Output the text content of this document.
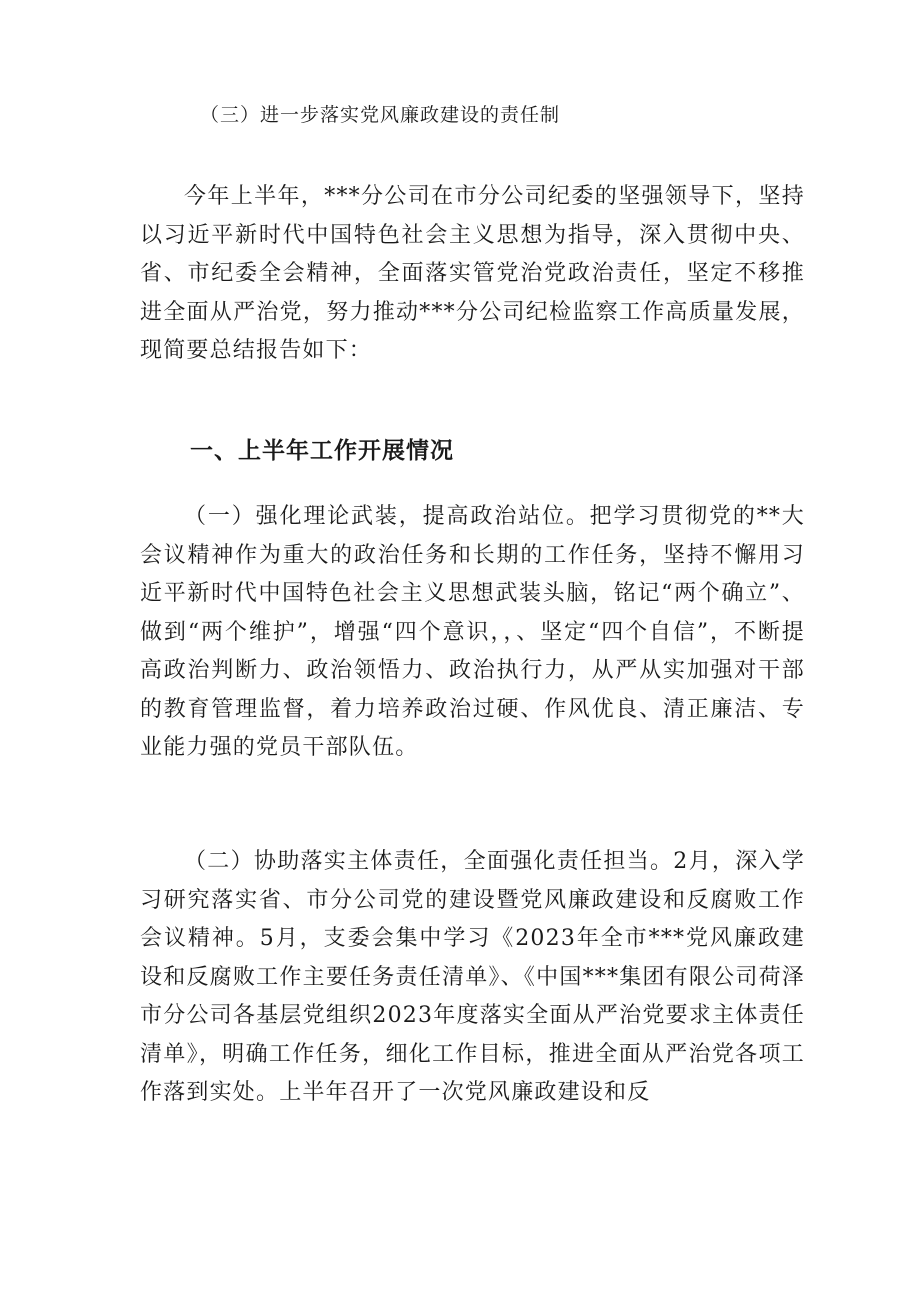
（三）进一步落实党风廉政建设的责任制

今年上半年，***分公司在市分公司纪委的坚强领导下，坚持以习近平新时代中国特色社会主义思想为指导，深入贯彻中央、省、市纪委全会精神，全面落实管党治党政治责任，坚定不移推进全面从严治党，努力推动***分公司纪检监察工作高质量发展，现简要总结报告如下：

一、上半年工作开展情况

（一）强化理论武装，提高政治站位。把学习贯彻党的**大会议精神作为重大的政治任务和长期的工作任务，坚持不懈用习近平新时代中国特色社会主义思想武装头脑，铭记“两个确立”、做到“两个维护”，增强“四个意识，，、坚定“四个自信”，不断提高政治判断力、政治领悟力、政治执行力，从严从实加强对干部的教育管理监督，着力培养政治过硬、作风优良、清正廉洁、专业能力强的党员干部队伍。

（二）协助落实主体责任，全面强化责任担当。2月，深入学习研究落实省、市分公司党的建设暨党风廉政建设和反腐败工作会议精神。5月，支委会集中学习《2023年全市***党风廉政建设和反腐败工作主要任务责任清单》、《中国***集团有限公司荷泽市分公司各基层党组织2023年度落实全面从严治党要求主体责任清单》，明确工作任务，细化工作目标，推进全面从严治党各项工作落到实处。上半年召开了一次党风廉政建设和反
